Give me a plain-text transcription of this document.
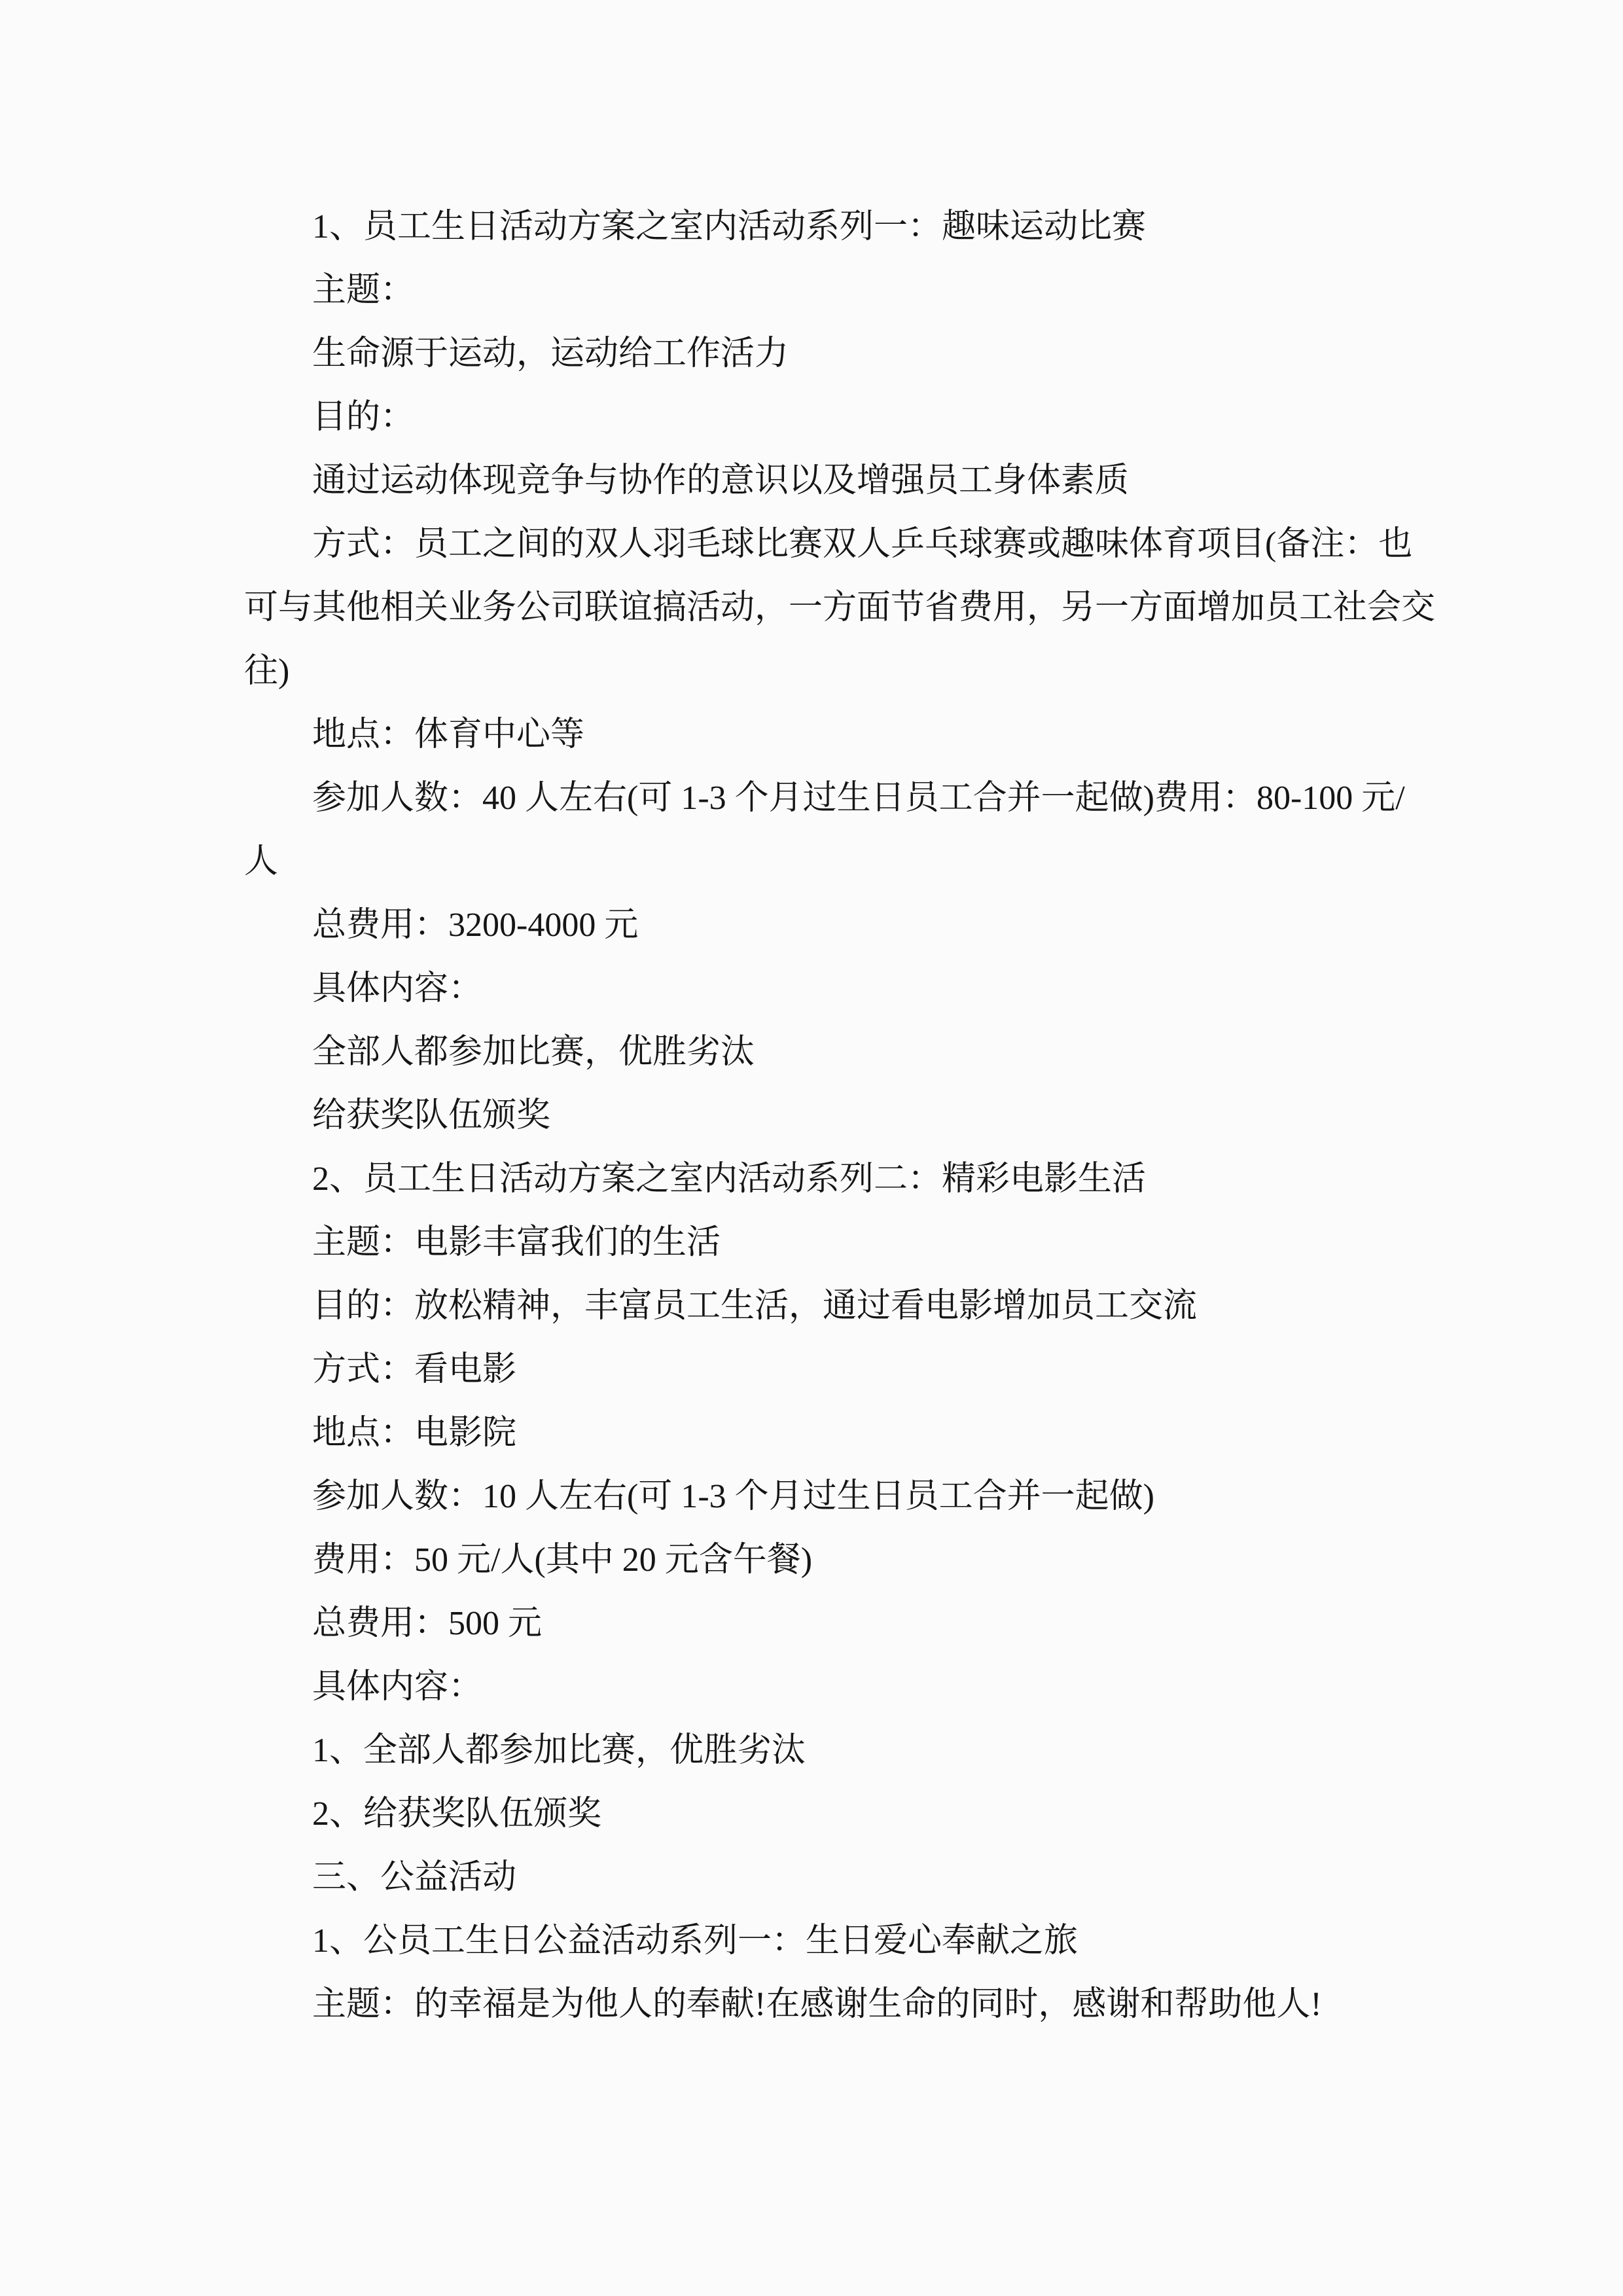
1、员工生日活动方案之室内活动系列一：趣味运动比赛
主题：
生命源于运动，运动给工作活力
目的：
通过运动体现竞争与协作的意识以及增强员工身体素质
方式：员工之间的双人羽毛球比赛双人乒乓球赛或趣味体育项目(备注：也
可与其他相关业务公司联谊搞活动，一方面节省费用，另一方面增加员工社会交
往)
地点：体育中心等
参加人数：40 人左右(可 1-3 个月过生日员工合并一起做)费用：80-100 元/
人
总费用：3200-4000 元
具体内容：
全部人都参加比赛，优胜劣汰
给获奖队伍颁奖
2、员工生日活动方案之室内活动系列二：精彩电影生活
主题：电影丰富我们的生活
目的：放松精神，丰富员工生活，通过看电影增加员工交流
方式：看电影
地点：电影院
参加人数：10 人左右(可 1-3 个月过生日员工合并一起做)
费用：50 元/人(其中 20 元含午餐)
总费用：500 元
具体内容：
1、全部人都参加比赛，优胜劣汰
2、给获奖队伍颁奖
三、公益活动
1、公员工生日公益活动系列一：生日爱心奉献之旅
主题：的幸福是为他人的奉献!在感谢生命的同时，感谢和帮助他人!
